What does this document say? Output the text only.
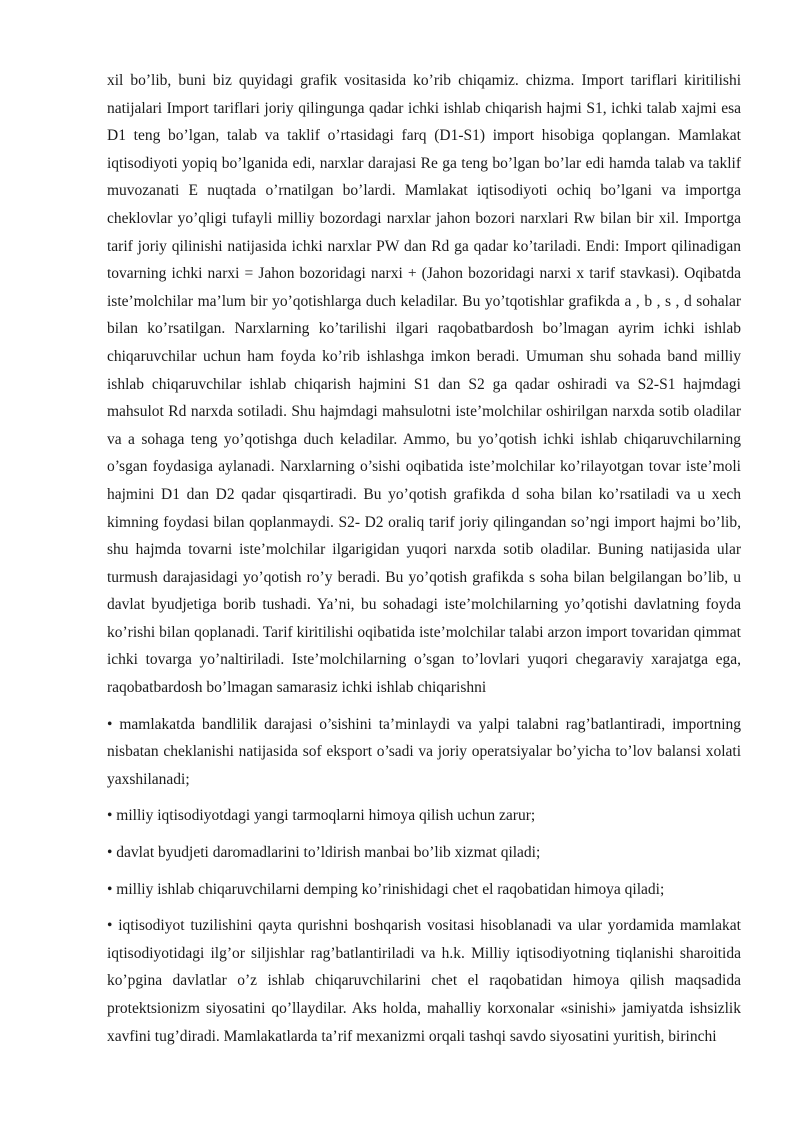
xil bo’lib, buni biz quyidagi grafik vositasida ko’rib chiqamiz. chizma. Import tariflari kiritilishi natijalari Import tariflari joriy qilingunga qadar ichki ishlab chiqarish hajmi S1, ichki talab xajmi esa D1 teng bo’lgan, talab va taklif o’rtasidagi farq (D1-S1) import hisobiga qoplangan. Mamlakat iqtisodiyoti yopiq bo’lganida edi, narxlar darajasi Re ga teng bo’lgan bo’lar edi hamda talab va taklif muvozanati E nuqtada o’rnatilgan bo’lardi. Mamlakat iqtisodiyoti ochiq bo’lgani va importga cheklovlar yo’qligi tufayli milliy bozordagi narxlar jahon bozori narxlari Rw bilan bir xil. Importga tarif joriy qilinishi natijasida ichki narxlar PW dan Rd ga qadar ko’tariladi. Endi: Import qilinadigan tovarning ichki narxi = Jahon bozoridagi narxi + (Jahon bozoridagi narxi x tarif stavkasi). Oqibatda iste’molchilar ma’lum bir yo’qotishlarga duch keladilar. Bu yo’tqotishlar grafikda a , b , s , d sohalar bilan ko’rsatilgan. Narxlarning ko’tarilishi ilgari raqobatbardosh bo’lmagan ayrim ichki ishlab chiqaruvchilar uchun ham foyda ko’rib ishlashga imkon beradi. Umuman shu sohada band milliy ishlab chiqaruvchilar ishlab chiqarish hajmini S1 dan S2 ga qadar oshiradi va S2-S1 hajmdagi mahsulot Rd narxda sotiladi. Shu hajmdagi mahsulotni iste’molchilar oshirilgan narxda sotib oladilar va a sohaga teng yo’qotishga duch keladilar. Ammo, bu yo’qotish ichki ishlab chiqaruvchilarning o’sgan foydasiga aylanadi. Narxlarning o’sishi oqibatida iste’molchilar ko’rilayotgan tovar iste’moli hajmini D1 dan D2 qadar qisqartiradi. Bu yo’qotish grafikda d soha bilan ko’rsatiladi va u xech kimning foydasi bilan qoplanmaydi. S2- D2 oraliq tarif joriy qilingandan so’ngi import hajmi bo’lib, shu hajmda tovarni iste’molchilar ilgarigidan yuqori narxda sotib oladilar. Buning natijasida ular turmush darajasidagi yo’qotish ro’y beradi. Bu yo’qotish grafikda s soha bilan belgilangan bo’lib, u davlat byudjetiga borib tushadi. Ya’ni, bu sohadagi iste’molchilarning yo’qotishi davlatning foyda ko’rishi bilan qoplanadi. Tarif kiritilishi oqibatida iste’molchilar talabi arzon import tovaridan qimmat ichki tovarga yo’naltiriladi. Iste’molchilarning o’sgan to’lovlari yuqori chegaraviy xarajatga ega, raqobatbardosh bo’lmagan samarasiz ichki ishlab chiqarishni

• mamlakatda bandlilik darajasi o’sishini ta’minlaydi va yalpi talabni rag’batlantiradi, importning nisbatan cheklanishi natijasida sof eksport o’sadi va joriy operatsiyalar bo’yicha to’lov balansi xolati yaxshilanadi;

• milliy iqtisodiyotdagi yangi tarmoqlarni himoya qilish uchun zarur;

• davlat byudjeti daromadlarini to’ldirish manbai bo’lib xizmat qiladi;

• milliy ishlab chiqaruvchilarni demping ko’rinishidagi chet el raqobatidan himoya qiladi;

• iqtisodiyot tuzilishini qayta qurishni boshqarish vositasi hisoblanadi va ular yordamida mamlakat iqtisodiyotidagi ilg’or siljishlar rag’batlantiriladi va h.k. Milliy iqtisodiyotning tiqlanishi sharoitida ko’pgina davlatlar o’z ishlab chiqaruvchilarini chet el raqobatidan himoya qilish maqsadida protektsionizm siyosatini qo’llaydilar. Aks holda, mahalliy korxonalar «sinishi» jamiyatda ishsizlik xavfini tug’diradi. Mamlakatlarda ta’rif mexanizmi orqali tashqi savdo siyosatini yuritish, birinchi
